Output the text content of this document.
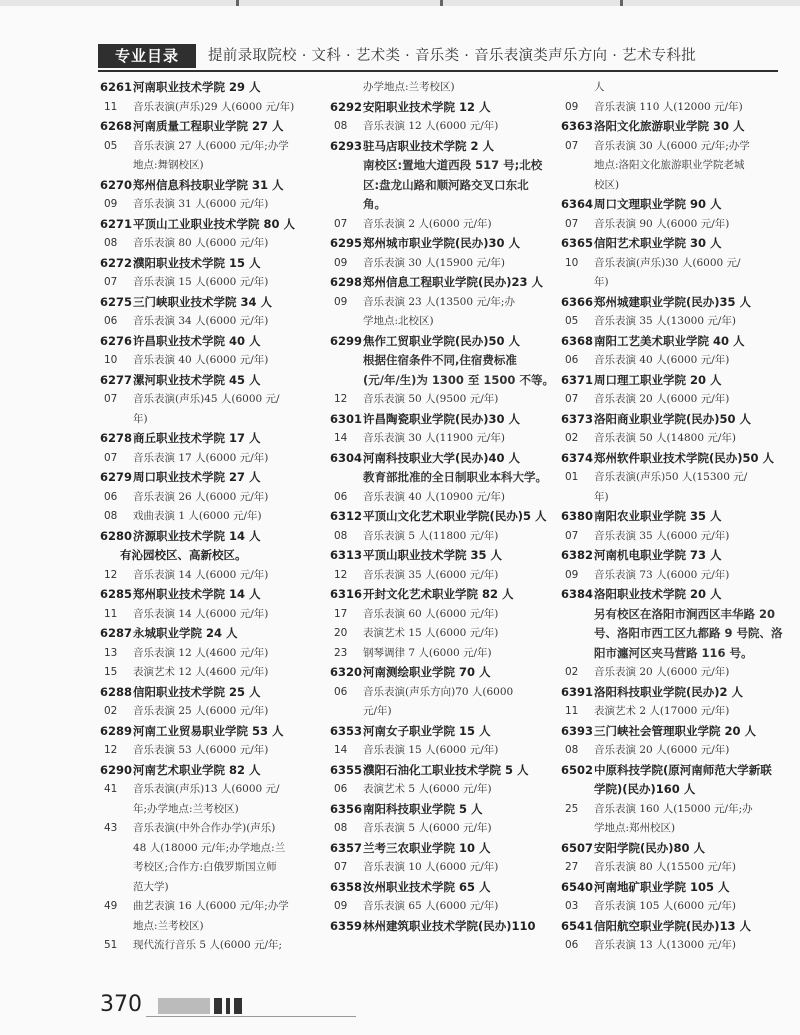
专业目录	提前录取院校 · 文科 · 艺术类 · 音乐类 · 音乐表演类声乐方向 · 艺术专科批
6261河南职业技术学院 29 人
11 音乐表演(声乐)29 人(6000 元/年)
6268河南质量工程职业学院 27 人
05 音乐表演 27 人(6000 元/年;办学
地点:舞钢校区)
6270郑州信息科技职业学院 31 人
09 音乐表演 31 人(6000 元/年)
6271平顶山工业职业技术学院 80 人
08 音乐表演 80 人(6000 元/年)
6272濮阳职业技术学院 15 人
07 音乐表演 15 人(6000 元/年)
6275三门峡职业技术学院 34 人
06 音乐表演 34 人(6000 元/年)
6276许昌职业技术学院 40 人
10 音乐表演 40 人(6000 元/年)
6277漯河职业技术学院 45 人
07 音乐表演(声乐)45 人(6000 元/
年)
6278商丘职业技术学院 17 人
07 音乐表演 17 人(6000 元/年)
6279周口职业技术学院 27 人
06 音乐表演 26 人(6000 元/年)
08 戏曲表演 1 人(6000 元/年)
6280济源职业技术学院 14 人
有沁园校区、高新校区。
12 音乐表演 14 人(6000 元/年)
6285郑州职业技术学院 14 人
11 音乐表演 14 人(6000 元/年)
6287永城职业学院 24 人
13 音乐表演 12 人(4600 元/年)
15 表演艺术 12 人(4600 元/年)
6288信阳职业技术学院 25 人
02 音乐表演 25 人(6000 元/年)
6289河南工业贸易职业学院 53 人
12 音乐表演 53 人(6000 元/年)
6290河南艺术职业学院 82 人
41 音乐表演(声乐)13 人(6000 元/
年;办学地点:兰考校区)
43 音乐表演(中外合作办学)(声乐)
48 人(18000 元/年;办学地点:兰
考校区;合作方:白俄罗斯国立师
范大学)
49 曲艺表演 16 人(6000 元/年;办学
地点:兰考校区)
51 现代流行音乐 5 人(6000 元/年;
办学地点:兰考校区)
6292安阳职业技术学院 12 人
08 音乐表演 12 人(6000 元/年)
6293驻马店职业技术学院 2 人
南校区:置地大道西段 517 号;北校
区:盘龙山路和顺河路交叉口东北
角。
07 音乐表演 2 人(6000 元/年)
6295郑州城市职业学院(民办)30 人
09 音乐表演 30 人(15900 元/年)
6298郑州信息工程职业学院(民办)23 人
09 音乐表演 23 人(13500 元/年;办
学地点:北校区)
6299焦作工贸职业学院(民办)50 人
根据住宿条件不同,住宿费标准
(元/年/生)为 1300 至 1500 不等。
12 音乐表演 50 人(9500 元/年)
6301许昌陶瓷职业学院(民办)30 人
14 音乐表演 30 人(11900 元/年)
6304河南科技职业大学(民办)40 人
教育部批准的全日制职业本科大学。
06 音乐表演 40 人(10900 元/年)
6312平顶山文化艺术职业学院(民办)5 人
08 音乐表演 5 人(11800 元/年)
6313平顶山职业技术学院 35 人
12 音乐表演 35 人(6000 元/年)
6316开封文化艺术职业学院 82 人
17 音乐表演 60 人(6000 元/年)
20 表演艺术 15 人(6000 元/年)
23 钢琴调律 7 人(6000 元/年)
6320河南测绘职业学院 70 人
06 音乐表演(声乐方向)70 人(6000
元/年)
6353河南女子职业学院 15 人
14 音乐表演 15 人(6000 元/年)
6355濮阳石油化工职业技术学院 5 人
06 表演艺术 5 人(6000 元/年)
6356南阳科技职业学院 5 人
08 音乐表演 5 人(6000 元/年)
6357兰考三农职业学院 10 人
07 音乐表演 10 人(6000 元/年)
6358汝州职业技术学院 65 人
09 音乐表演 65 人(6000 元/年)
6359林州建筑职业技术学院(民办)110
人
09 音乐表演 110 人(12000 元/年)
6363洛阳文化旅游职业学院 30 人
07 音乐表演 30 人(6000 元/年;办学
地点:洛阳文化旅游职业学院老城
校区)
6364周口文理职业学院 90 人
07 音乐表演 90 人(6000 元/年)
6365信阳艺术职业学院 30 人
10 音乐表演(声乐)30 人(6000 元/
年)
6366郑州城建职业学院(民办)35 人
05 音乐表演 35 人(13000 元/年)
6368南阳工艺美术职业学院 40 人
06 音乐表演 40 人(6000 元/年)
6371周口理工职业学院 20 人
07 音乐表演 20 人(6000 元/年)
6373洛阳商业职业学院(民办)50 人
02 音乐表演 50 人(14800 元/年)
6374郑州软件职业技术学院(民办)50 人
01 音乐表演(声乐)50 人(15300 元/
年)
6380南阳农业职业学院 35 人
07 音乐表演 35 人(6000 元/年)
6382河南机电职业学院 73 人
09 音乐表演 73 人(6000 元/年)
6384洛阳职业技术学院 20 人
另有校区在洛阳市涧西区丰华路 20
号、洛阳市西工区九都路 9 号院、洛
阳市瀍河区夹马营路 116 号。
02 音乐表演 20 人(6000 元/年)
6391洛阳科技职业学院(民办)2 人
11 表演艺术 2 人(17000 元/年)
6393三门峡社会管理职业学院 20 人
08 音乐表演 20 人(6000 元/年)
6502中原科技学院(原河南师范大学新联学院)(民办)160 人
25 音乐表演 160 人(15000 元/年;办
学地点:郑州校区)
6507安阳学院(民办)80 人
27 音乐表演 80 人(15500 元/年)
6540河南地矿职业学院 105 人
03 音乐表演 105 人(6000 元/年)
6541信阳航空职业学院(民办)13 人
06 音乐表演 13 人(13000 元/年)
370
